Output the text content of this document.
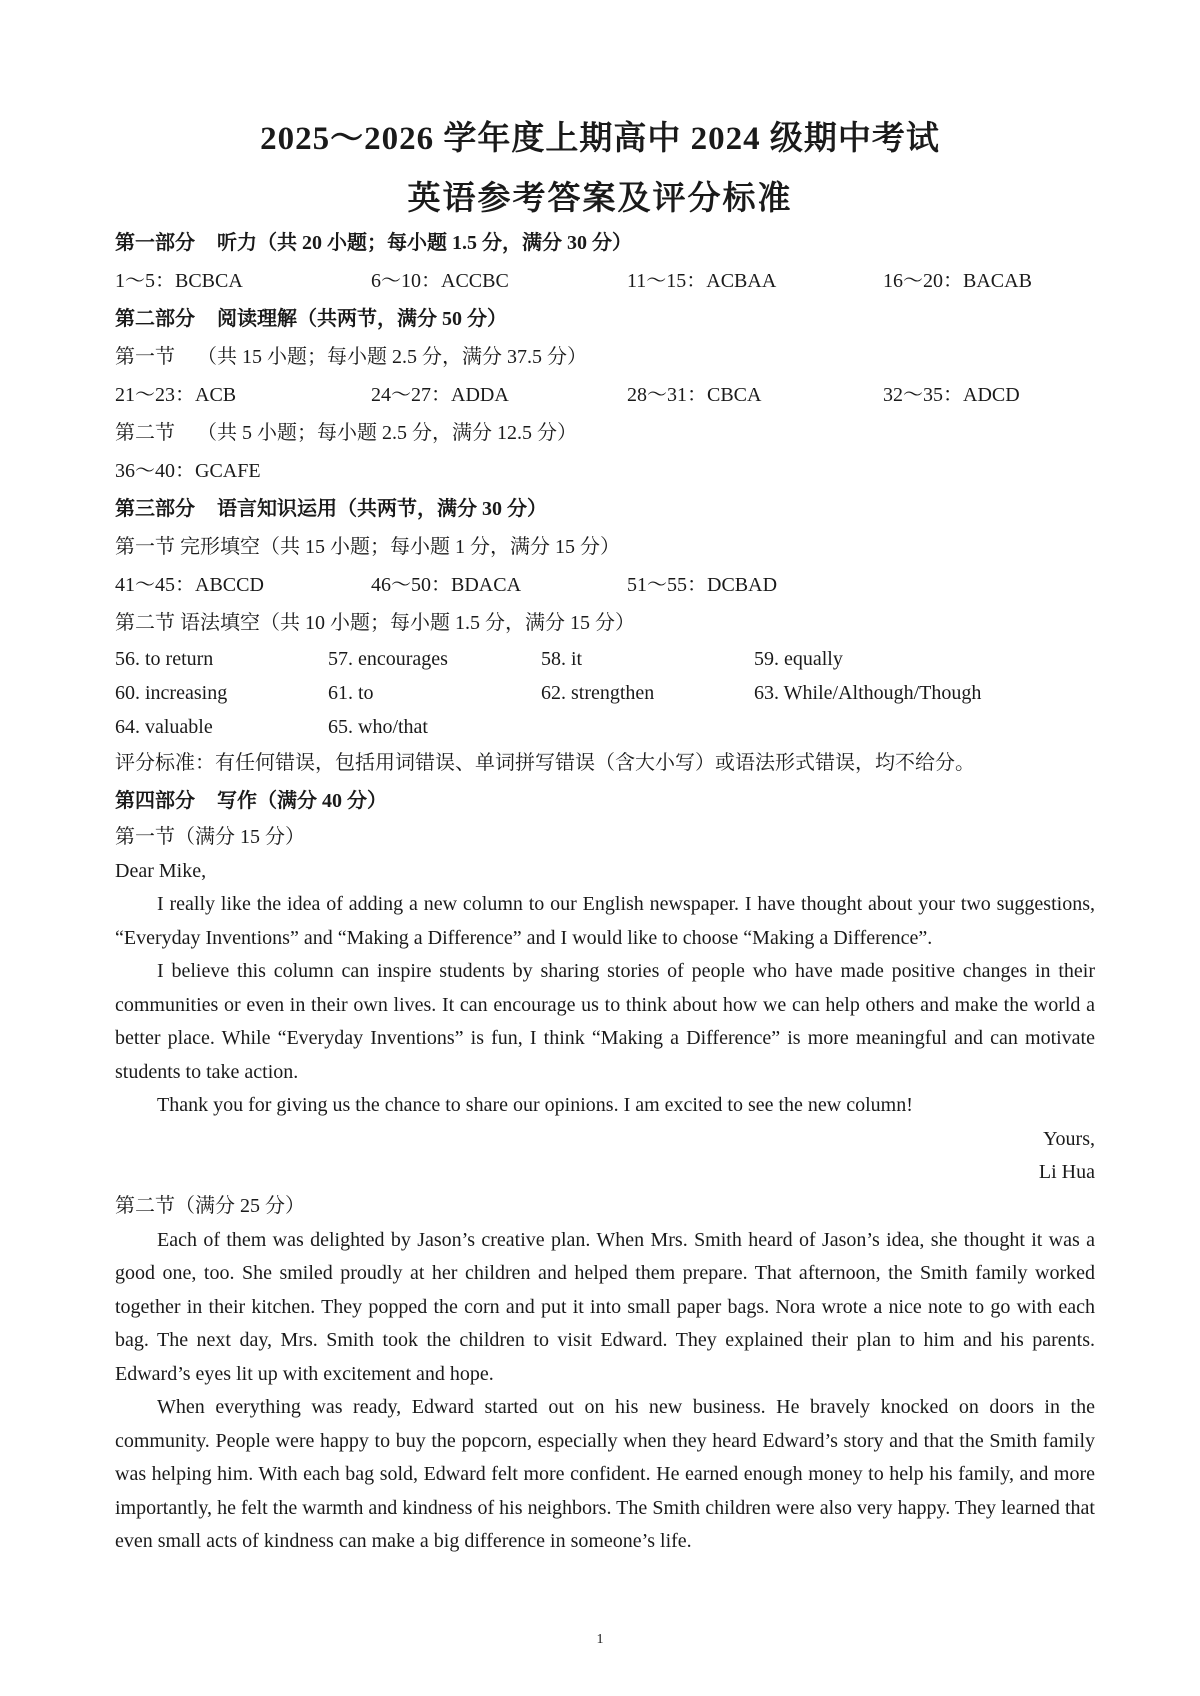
2025～2026 学年度上期高中 2024 级期中考试
英语参考答案及评分标准
第一部分 听力（共 20 小题；每小题 1.5 分，满分 30 分）
1～5：BCBCA	6～10：ACCBC	11～15：ACBAA	16～20：BACAB
第二部分 阅读理解（共两节，满分 50 分）
第一节 （共 15 小题；每小题 2.5 分，满分 37.5 分）
21～23：ACB	24～27：ADDA	28～31：CBCA	32～35：ADCD
第二节 （共 5 小题；每小题 2.5 分，满分 12.5 分）
36～40：GCAFE
第三部分 语言知识运用（共两节，满分 30 分）
第一节 完形填空（共 15 小题；每小题 1 分，满分 15 分）
41～45：ABCCD	46～50：BDACA	51～55：DCBAD
第二节 语法填空（共 10 小题；每小题 1.5 分，满分 15 分）
56. to return	57. encourages	58. it	59. equally
60. increasing	61. to	62. strengthen	63. While/Although/Though
64. valuable	65. who/that
评分标准：有任何错误，包括用词错误、单词拼写错误（含大小写）或语法形式错误，均不给分。
第四部分 写作（满分 40 分）
第一节（满分 15 分）
Dear Mike,

I really like the idea of adding a new column to our English newspaper. I have thought about your two suggestions, “Everyday Inventions” and “Making a Difference” and I would like to choose “Making a Difference”.

I believe this column can inspire students by sharing stories of people who have made positive changes in their communities or even in their own lives. It can encourage us to think about how we can help others and make the world a better place. While “Everyday Inventions” is fun, I think “Making a Difference” is more meaningful and can motivate students to take action.

Thank you for giving us the chance to share our opinions. I am excited to see the new column!

Yours,
Li Hua
第二节（满分 25 分）

Each of them was delighted by Jason’s creative plan. When Mrs. Smith heard of Jason’s idea, she thought it was a good one, too. She smiled proudly at her children and helped them prepare. That afternoon, the Smith family worked together in their kitchen. They popped the corn and put it into small paper bags. Nora wrote a nice note to go with each bag. The next day, Mrs. Smith took the children to visit Edward. They explained their plan to him and his parents. Edward’s eyes lit up with excitement and hope.

When everything was ready, Edward started out on his new business. He bravely knocked on doors in the community. People were happy to buy the popcorn, especially when they heard Edward’s story and that the Smith family was helping him. With each bag sold, Edward felt more confident. He earned enough money to help his family, and more importantly, he felt the warmth and kindness of his neighbors. The Smith children were also very happy. They learned that even small acts of kindness can make a big difference in someone’s life.

1
